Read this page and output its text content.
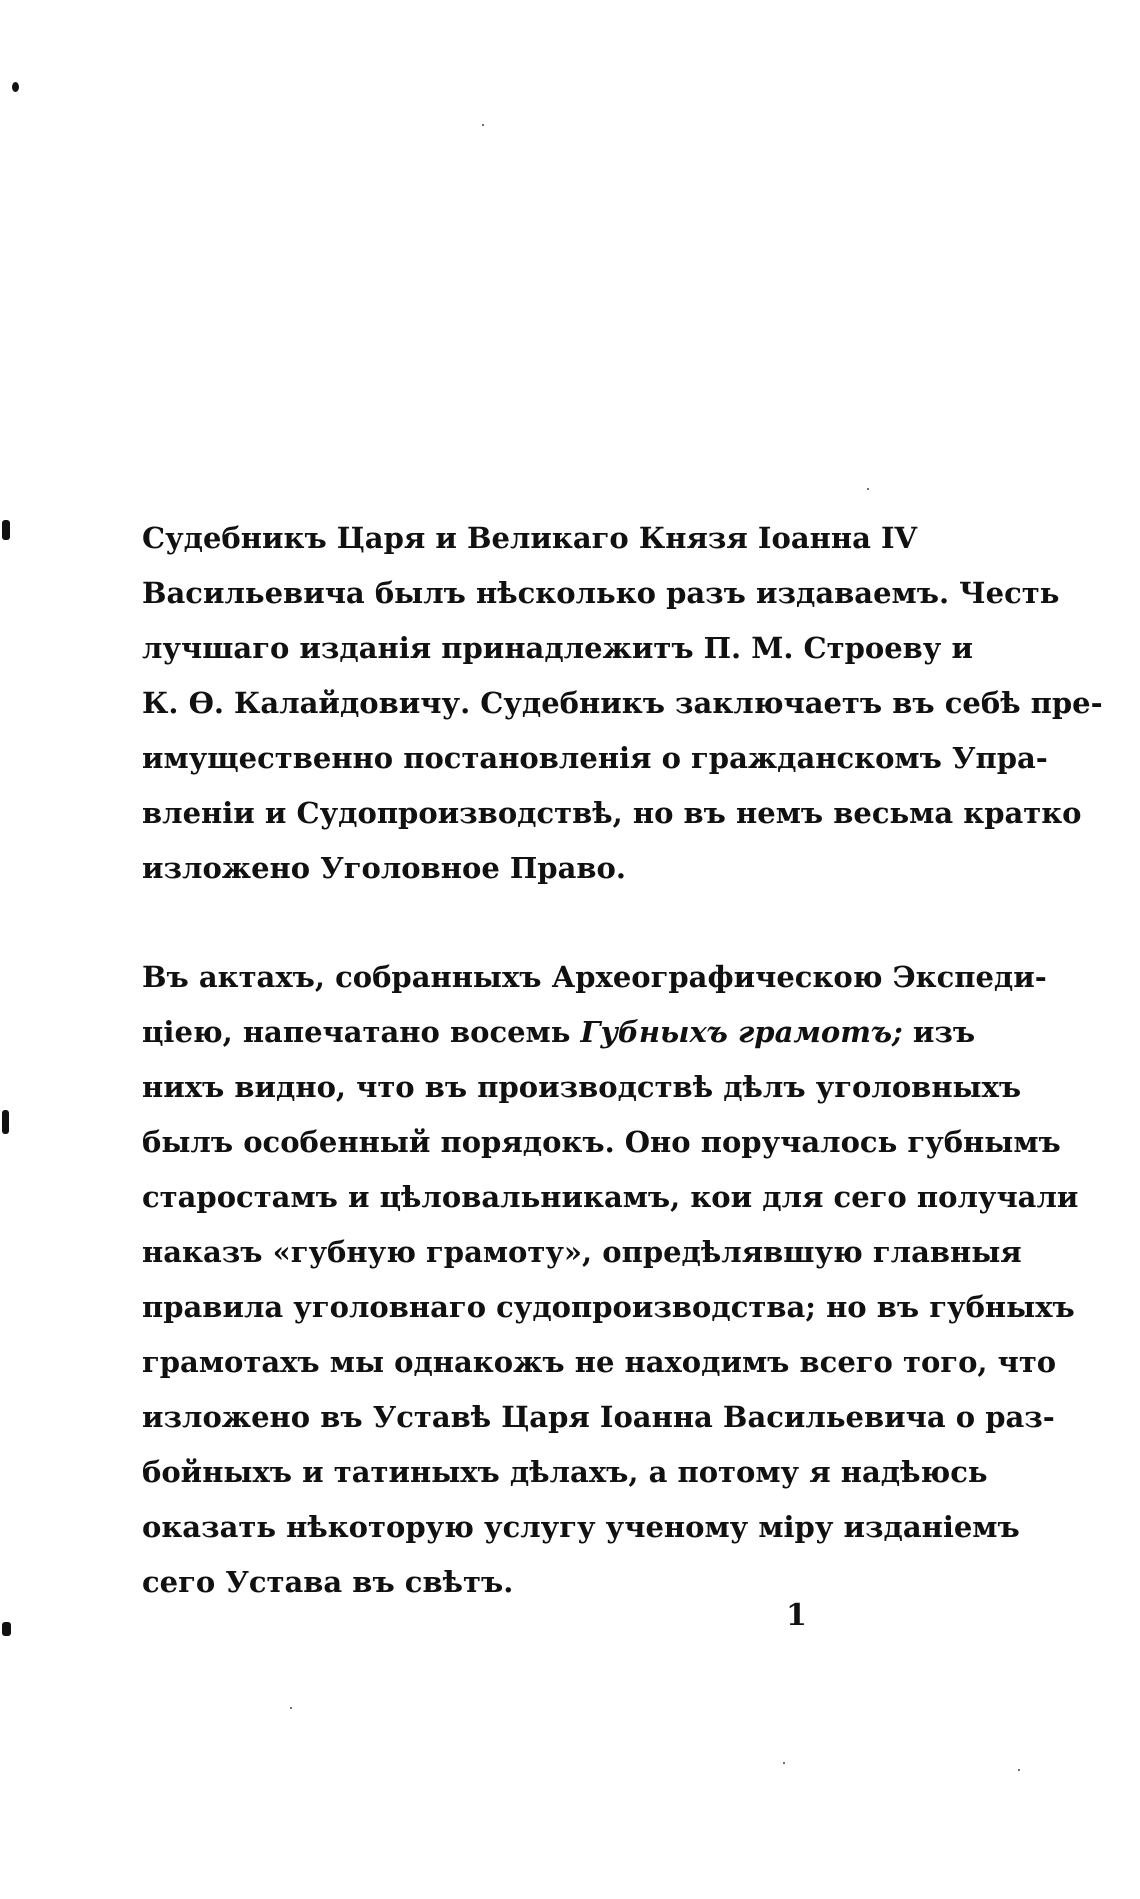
Судебникъ Царя и Великаго Князя Іоанна IV
Васильевича былъ нѣсколько разъ издаваемъ. Честь
лучшаго изданія принадлежитъ П. М. Строеву и
К. Ѳ. Калайдовичу. Судебникъ заключаетъ въ себѣ пре-
имущественно постановленія о гражданскомъ Упра-
вленіи и Судопроизводствѣ, но въ немъ весьма кратко
изложено Уголовное Право.
Въ актахъ, собранныхъ Археографическою Экспеди-
ціею, напечатано восемь Губныхъ грамотъ; изъ
нихъ видно, что въ производствѣ дѣлъ уголовныхъ
былъ особенный порядокъ. Оно поручалось губнымъ
старостамъ и цѣловальникамъ, кои для сего получали
наказъ «губную грамоту», опредѣлявшую главныя
правила уголовнаго судопроизводства; но въ губныхъ
грамотахъ мы однакожъ не находимъ всего того, что
изложено въ Уставѣ Царя Іоанна Васильевича о раз-
бойныхъ и татиныхъ дѣлахъ, а потому я надѣюсь
оказать нѣкоторую услугу ученому міру изданіемъ
сего Устава въ свѣтъ.
1
